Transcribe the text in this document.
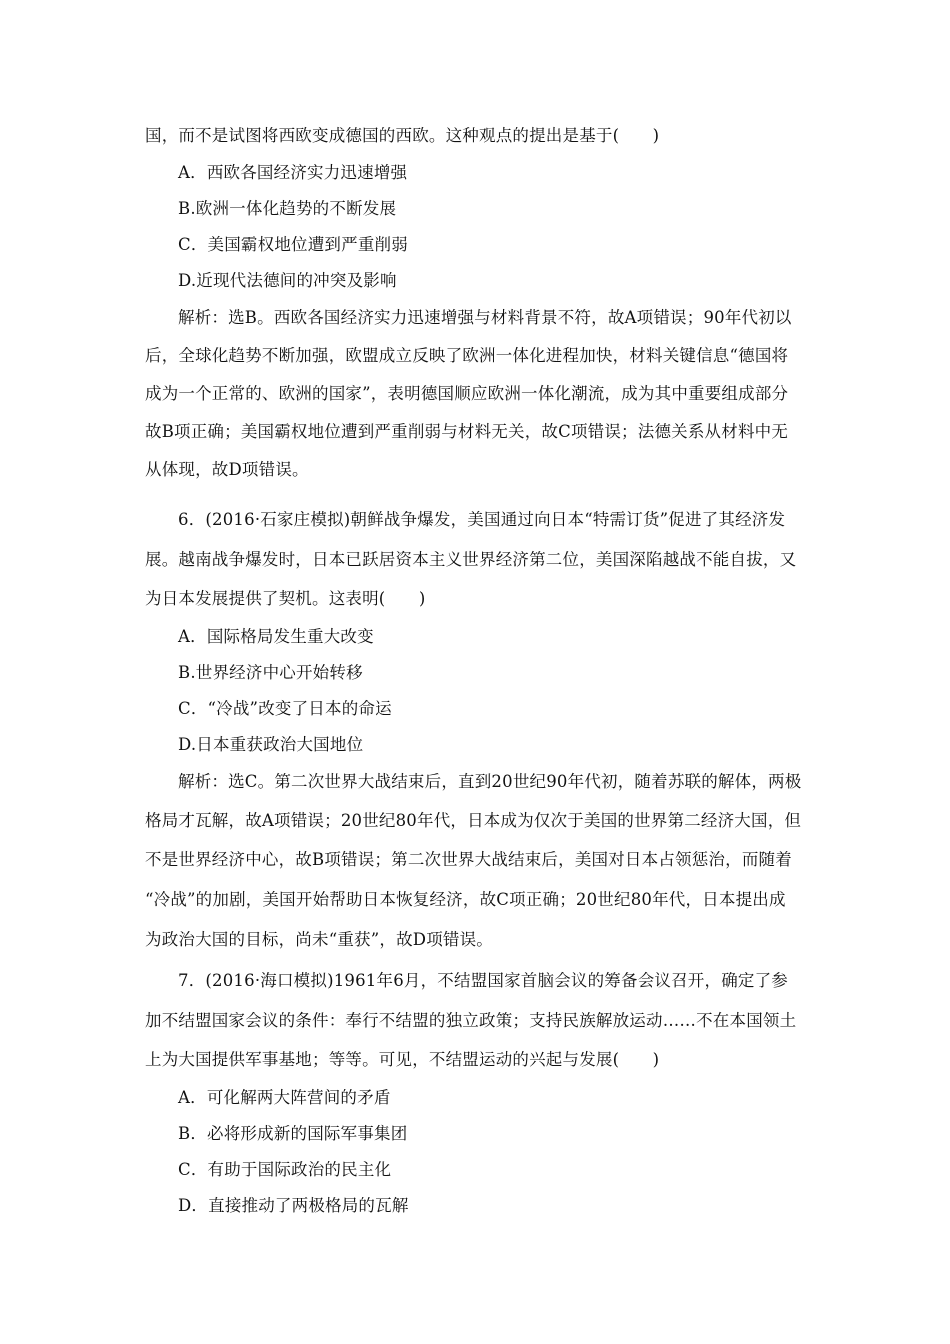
国，而不是试图将西欧变成德国的西欧。这种观点的提出是基于(　　)
A．西欧各国经济实力迅速增强
B.欧洲一体化趋势的不断发展
C．美国霸权地位遭到严重削弱
D.近现代法德间的冲突及影响
解析：选B。西欧各国经济实力迅速增强与材料背景不符，故A项错误；90年代初以
后，全球化趋势不断加强，欧盟成立反映了欧洲一体化进程加快，材料关键信息“德国将
成为一个正常的、欧洲的国家”，表明德国顺应欧洲一体化潮流，成为其中重要组成部分
故B项正确；美国霸权地位遭到严重削弱与材料无关，故C项错误；法德关系从材料中无
从体现，故D项错误。
6．(2016·石家庄模拟)朝鲜战争爆发，美国通过向日本“特需订货”促进了其经济发
展。越南战争爆发时，日本已跃居资本主义世界经济第二位，美国深陷越战不能自拔，又
为日本发展提供了契机。这表明(　　)
A．国际格局发生重大改变
B.世界经济中心开始转移
C．“冷战”改变了日本的命运
D.日本重获政治大国地位
解析：选C。第二次世界大战结束后，直到20世纪90年代初，随着苏联的解体，两极
格局才瓦解，故A项错误；20世纪80年代，日本成为仅次于美国的世界第二经济大国，但
不是世界经济中心，故B项错误；第二次世界大战结束后，美国对日本占领惩治，而随着
“冷战”的加剧，美国开始帮助日本恢复经济，故C项正确；20世纪80年代，日本提出成
为政治大国的目标，尚未“重获”，故D项错误。
7．(2016·海口模拟)1961年6月，不结盟国家首脑会议的筹备会议召开，确定了参
加不结盟国家会议的条件：奉行不结盟的独立政策；支持民族解放运动……不在本国领土
上为大国提供军事基地；等等。可见，不结盟运动的兴起与发展(　　)
A．可化解两大阵营间的矛盾
B．必将形成新的国际军事集团
C．有助于国际政治的民主化
D．直接推动了两极格局的瓦解
